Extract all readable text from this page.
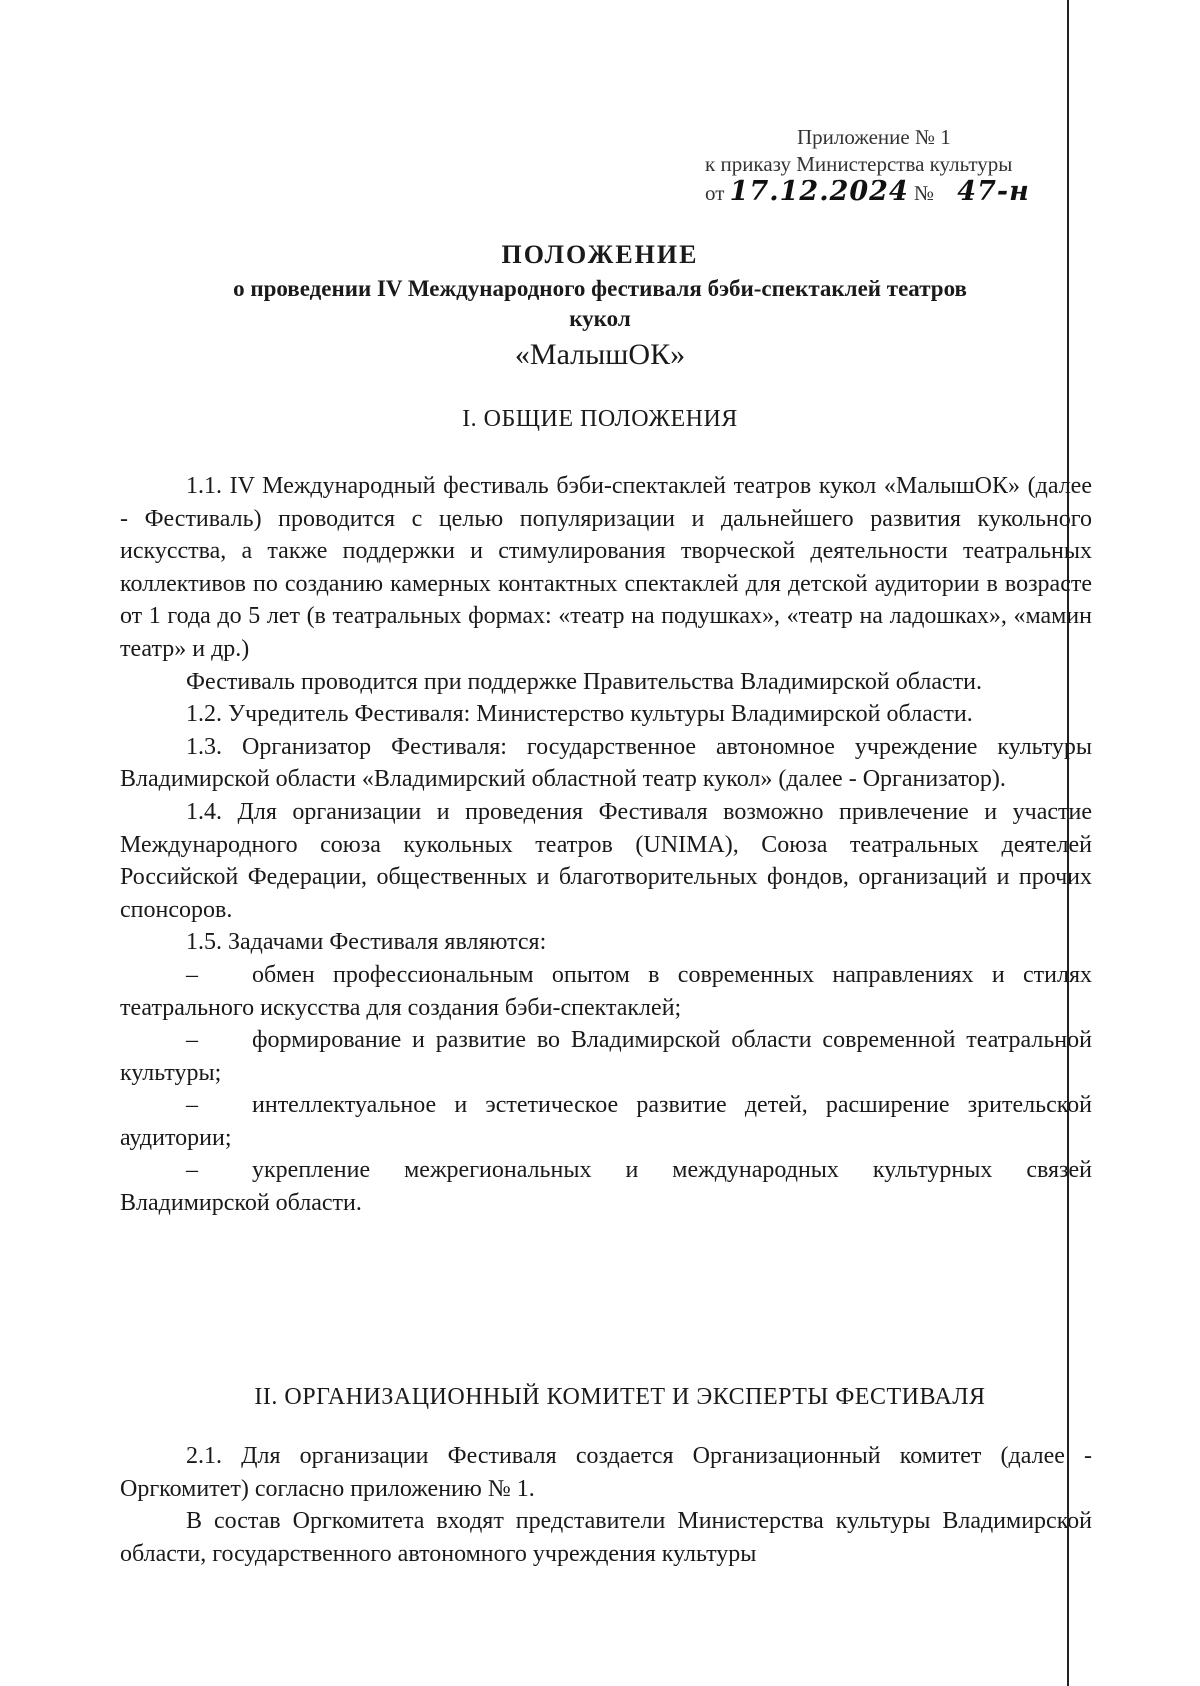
Приложение № 1
к приказу Министерства культуры
от 17.12.2024 № 47-н
ПОЛОЖЕНИЕ
о проведении IV Международного фестиваля бэби-спектаклей театров
кукол
«МалышОК»
I. ОБЩИЕ ПОЛОЖЕНИЯ

1.1. IV Международный фестиваль бэби-спектаклей театров кукол «МалышОК» (далее - Фестиваль) проводится с целью популяризации и дальнейшего развития кукольного искусства, а также поддержки и стимулирования творческой деятельности театральных коллективов по созданию камерных контактных спектаклей для детской аудитории в возрасте от 1 года до 5 лет (в театральных формах: «театр на подушках», «театр на ладошках», «мамин театр» и др.)

Фестиваль проводится при поддержке Правительства Владимирской области.

1.2. Учредитель Фестиваля: Министерство культуры Владимирской области.

1.3. Организатор Фестиваля: государственное автономное учреждение культуры Владимирской области «Владимирский областной театр кукол» (далее - Организатор).

1.4. Для организации и проведения Фестиваля возможно привлечение и участие Международного союза кукольных театров (UNIMA), Союза театральных деятелей Российской Федерации, общественных и благотворительных фондов, организаций и прочих спонсоров.

1.5. Задачами Фестиваля являются:

– обмен профессиональным опытом в современных направлениях и стилях театрального искусства для создания бэби-спектаклей;

– формирование и развитие во Владимирской области современной театральной культуры;

– интеллектуальное и эстетическое развитие детей, расширение зрительской аудитории;

– укрепление межрегиональных и международных культурных связей Владимирской области.

II. ОРГАНИЗАЦИОННЫЙ КОМИТЕТ И ЭКСПЕРТЫ ФЕСТИВАЛЯ

2.1. Для организации Фестиваля создается Организационный комитет (далее - Оргкомитет) согласно приложению № 1.

В состав Оргкомитета входят представители Министерства культуры Владимирской области, государственного автономного учреждения культуры
